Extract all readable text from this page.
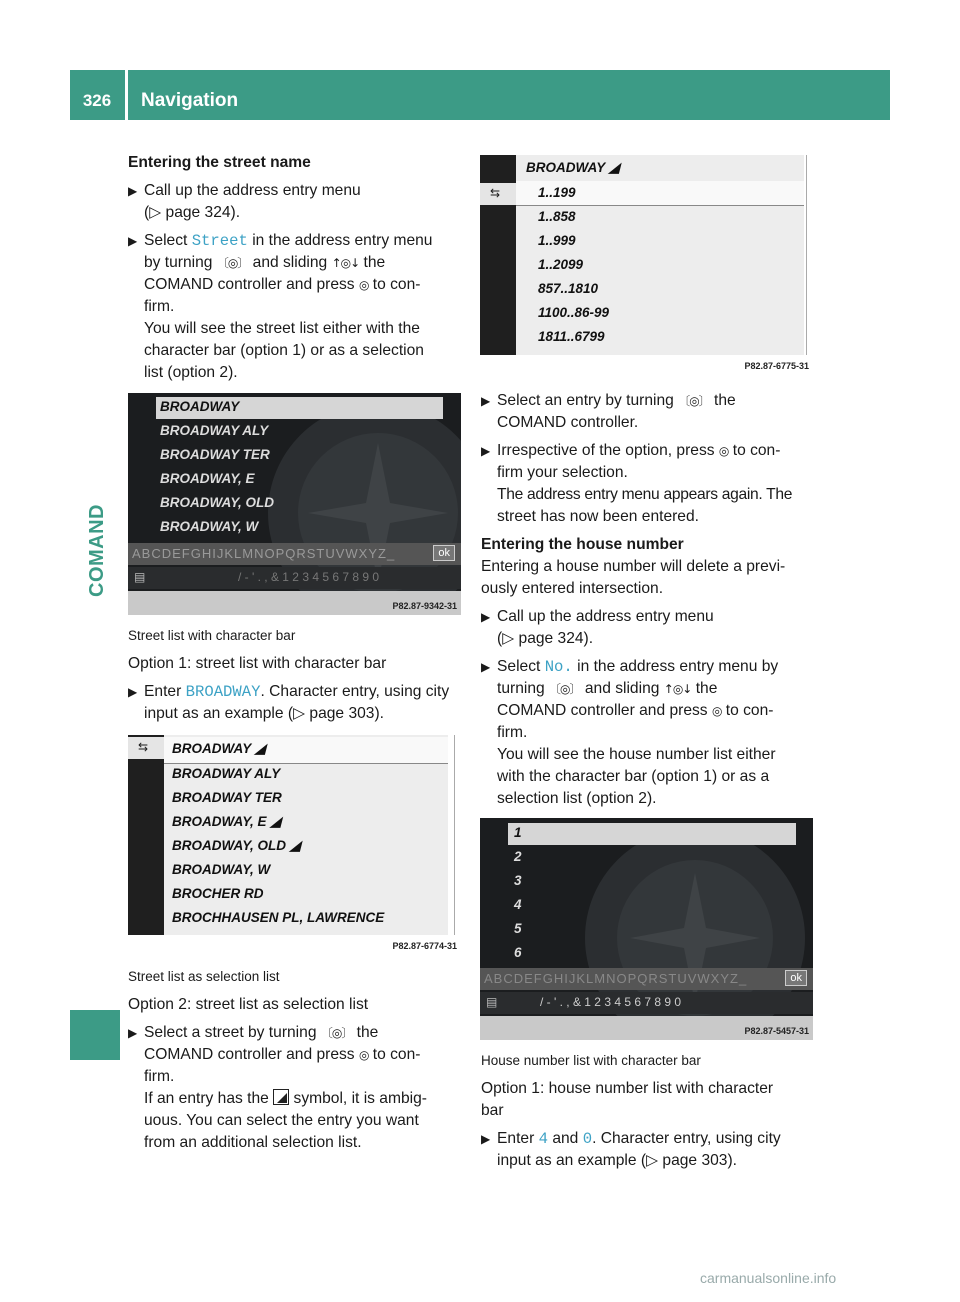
326	Navigation
COMAND

Entering the street name

▶ Call up the address entry menu

(▷ page 324).

▶ Select Street in the address entry menu

by turning 〔◎〕 and sliding ↑◎↓ the

COMAND controller and press ◎ to con-

firm.

You will see the street list either with the

character bar (option 1) or as a selection

list (option 2).

BROADWAY
BROADWAY ALY
BROADWAY TER
BROADWAY, E
BROADWAY, OLD
BROADWAY, W
ABCDEFGHIJKLMNOPQRSTUVWXYZ_	ok
▤	/ - ' . , & 1 2 3 4 5 6 7 8 9 0
P82.87-9342-31

Street list with character bar

Option 1: street list with character bar

▶ Enter BROADWAY. Character entry, using city

input as an example (▷ page 303).

⇆ BROADWAY ◢
BROADWAY ALY
BROADWAY TER
BROADWAY, E ◢
BROADWAY, OLD ◢
BROADWAY, W
BROCHER RD
BROCHHAUSEN PL, LAWRENCE
P82.87-6774-31

Street list as selection list

Option 2: street list as selection list

▶ Select a street by turning 〔◎〕 the

COMAND controller and press ◎ to con-

firm.

If an entry has the symbol, it is ambig-

uous. You can select the entry you want

from an additional selection list.

⇆
BROADWAY ◢
1..199
1..858
1..999
1..2099
857..1810
1100..86-99
1811..6799
P82.87-6775-31
▶ Select an entry by turning 〔◎〕 the

COMAND controller.

▶ Irrespective of the option, press ◎ to con-

firm your selection.

The address entry menu appears again. The

street has now been entered.

Entering the house number

Entering a house number will delete a previ-

ously entered intersection.

▶ Call up the address entry menu

(▷ page 324).

▶ Select No. in the address entry menu by

turning 〔◎〕 and sliding ↑◎↓ the

COMAND controller and press ◎ to con-

firm.

You will see the house number list either

with the character bar (option 1) or as a

selection list (option 2).

1
2
3
4
5
6
ABCDEFGHIJKLMNOPQRSTUVWXYZ_	ok
▤	/ - ' . , & 1 2 3 4 5 6 7 8 9 0
P82.87-5457-31

House number list with character bar

Option 1: house number list with character

bar

▶ Enter 4 and 0. Character entry, using city

input as an example (▷ page 303).

carmanualsonline.info
